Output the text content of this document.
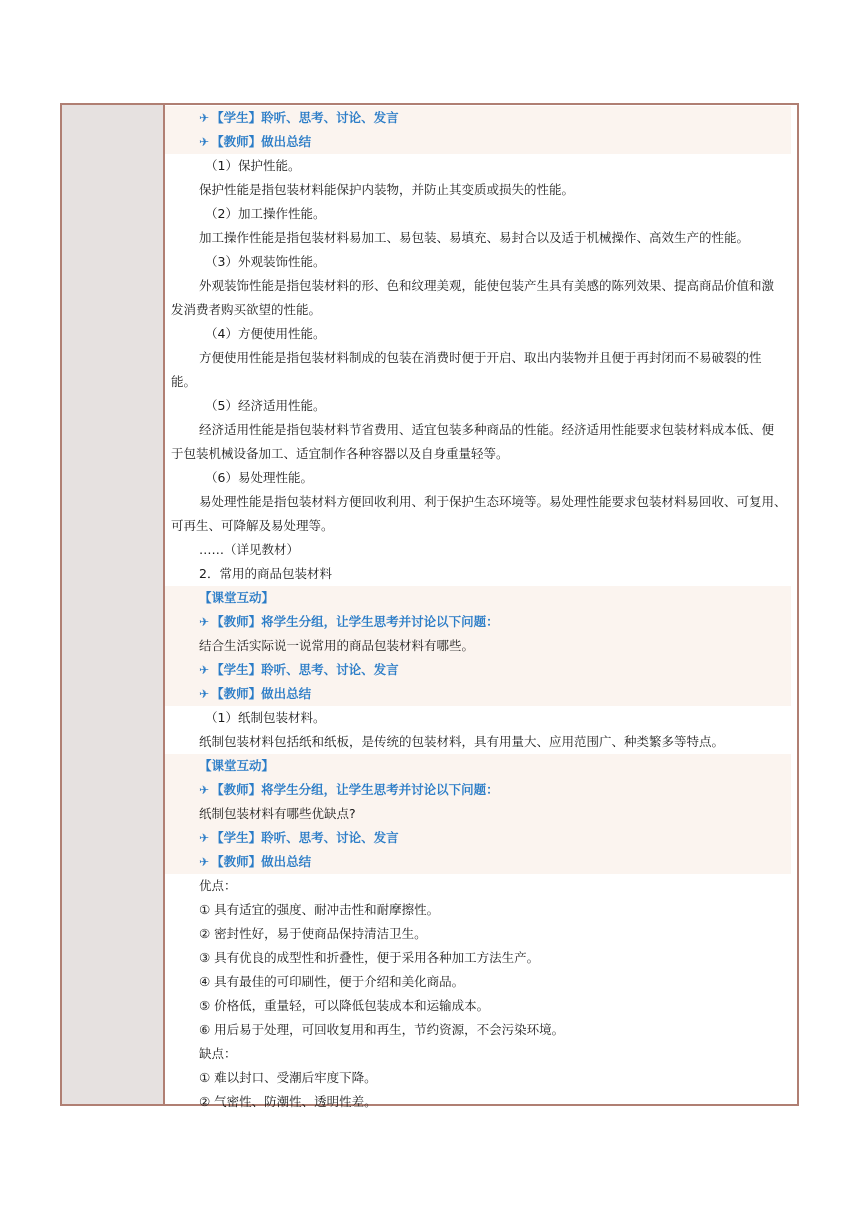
✈ 【学生】聆听、思考、讨论、发言
✈ 【教师】做出总结
（1）保护性能。
保护性能是指包装材料能保护内装物，并防止其变质或损失的性能。
（2）加工操作性能。
加工操作性能是指包装材料易加工、易包装、易填充、易封合以及适于机械操作、高效生产的性能。
（3）外观装饰性能。
外观装饰性能是指包装材料的形、色和纹理美观，能使包装产生具有美感的陈列效果、提高商品价值和激
发消费者购买欲望的性能。
（4）方便使用性能。
方便使用性能是指包装材料制成的包装在消费时便于开启、取出内装物并且便于再封闭而不易破裂的性
能。
（5）经济适用性能。
经济适用性能是指包装材料节省费用、适宜包装多种商品的性能。经济适用性能要求包装材料成本低、便
于包装机械设备加工、适宜制作各种容器以及自身重量轻等。
（6）易处理性能。
易处理性能是指包装材料方便回收利用、利于保护生态环境等。易处理性能要求包装材料易回收、可复用、
可再生、可降解及易处理等。
……（详见教材）
2．常用的商品包装材料
【课堂互动】
✈ 【教师】将学生分组，让学生思考并讨论以下问题：
结合生活实际说一说常用的商品包装材料有哪些。
✈ 【学生】聆听、思考、讨论、发言
✈ 【教师】做出总结
（1）纸制包装材料。
纸制包装材料包括纸和纸板，是传统的包装材料，具有用量大、应用范围广、种类繁多等特点。
【课堂互动】
✈ 【教师】将学生分组，让学生思考并讨论以下问题：
纸制包装材料有哪些优缺点?
✈ 【学生】聆听、思考、讨论、发言
✈ 【教师】做出总结
优点：
① 具有适宜的强度、耐冲击性和耐摩擦性。
② 密封性好，易于使商品保持清洁卫生。
③ 具有优良的成型性和折叠性，便于采用各种加工方法生产。
④ 具有最佳的可印刷性，便于介绍和美化商品。
⑤ 价格低，重量轻，可以降低包装成本和运输成本。
⑥ 用后易于处理，可回收复用和再生，节约资源，不会污染环境。
缺点：
① 难以封口、受潮后牢度下降。
② 气密性、防潮性、透明性差。
